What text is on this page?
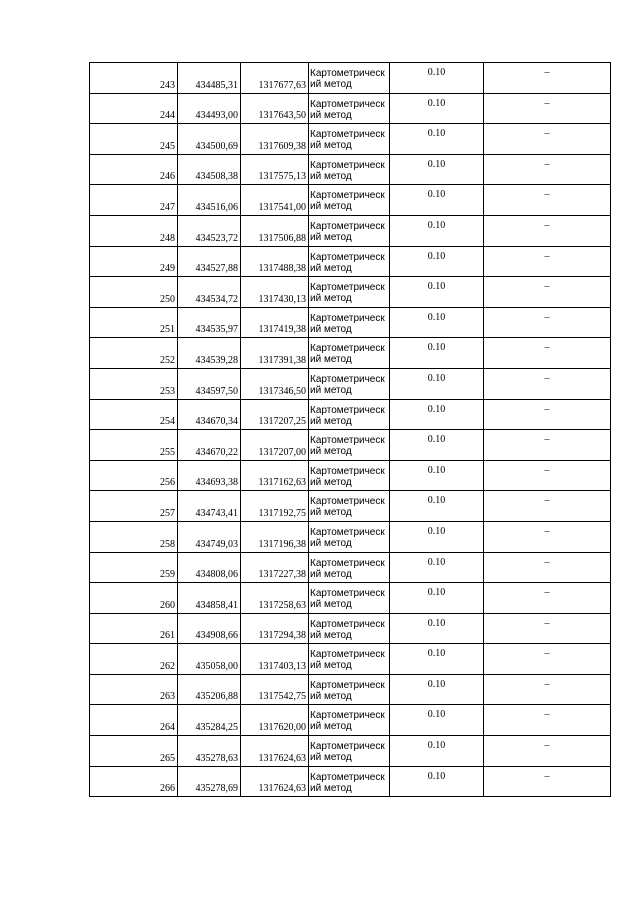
243	434485,31	1317677,63	Картометрический метод	0.10	–
244	434493,00	1317643,50	Картометрический метод	0.10	–
245	434500,69	1317609,38	Картометрический метод	0.10	–
246	434508,38	1317575,13	Картометрический метод	0.10	–
247	434516,06	1317541,00	Картометрический метод	0.10	–
248	434523,72	1317506,88	Картометрический метод	0.10	–
249	434527,88	1317488,38	Картометрический метод	0.10	–
250	434534,72	1317430,13	Картометрический метод	0.10	–
251	434535,97	1317419,38	Картометрический метод	0.10	–
252	434539,28	1317391,38	Картометрический метод	0.10	–
253	434597,50	1317346,50	Картометрический метод	0.10	–
254	434670,34	1317207,25	Картометрический метод	0.10	–
255	434670,22	1317207,00	Картометрический метод	0.10	–
256	434693,38	1317162,63	Картометрический метод	0.10	–
257	434743,41	1317192,75	Картометрический метод	0.10	–
258	434749,03	1317196,38	Картометрический метод	0.10	–
259	434808,06	1317227,38	Картометрический метод	0.10	–
260	434858,41	1317258,63	Картометрический метод	0.10	–
261	434908,66	1317294,38	Картометрический метод	0.10	–
262	435058,00	1317403,13	Картометрический метод	0.10	–
263	435206,88	1317542,75	Картометрический метод	0.10	–
264	435284,25	1317620,00	Картометрический метод	0.10	–
265	435278,63	1317624,63	Картометрический метод	0.10	–
266	435278,69	1317624,63	Картометрический метод	0.10	–
